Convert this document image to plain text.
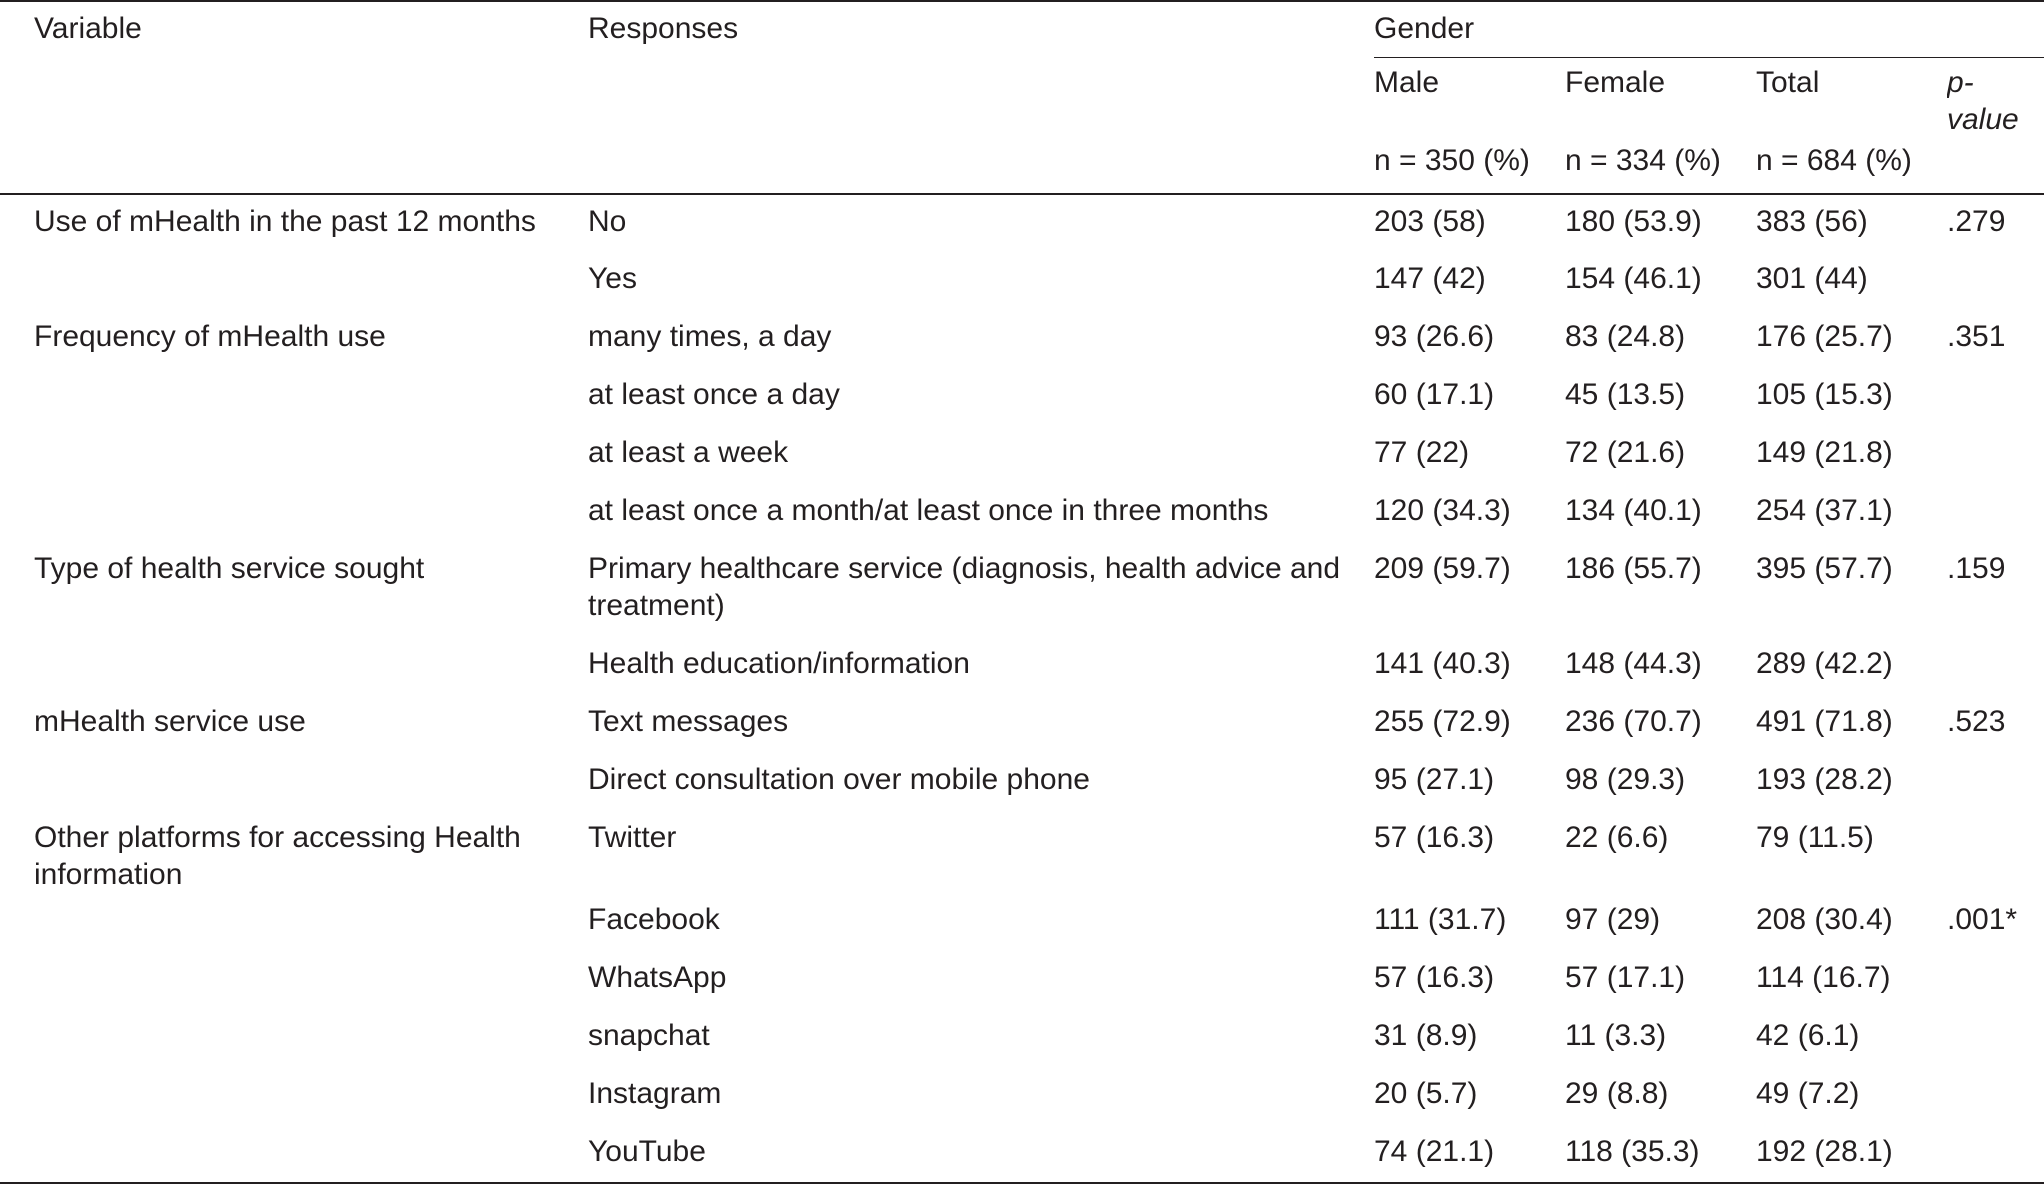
Variable	Responses	Gender			
		Male	Female	Total	p-value
		n = 350 (%)	n = 334 (%)	n = 684 (%)	
Use of mHealth in the past 12 months	No	203 (58)	180 (53.9)	383 (56)	.279
	Yes	147 (42)	154 (46.1)	301 (44)	
Frequency of mHealth use	many times, a day	93 (26.6)	83 (24.8)	176 (25.7)	.351
	at least once a day	60 (17.1)	45 (13.5)	105 (15.3)	
	at least a week	77 (22)	72 (21.6)	149 (21.8)	
	at least once a month/at least once in three months	120 (34.3)	134 (40.1)	254 (37.1)	
Type of health service sought	Primary healthcare service (diagnosis, health advice and treatment)	209 (59.7)	186 (55.7)	395 (57.7)	.159
	Health education/information	141 (40.3)	148 (44.3)	289 (42.2)	
mHealth service use	Text messages	255 (72.9)	236 (70.7)	491 (71.8)	.523
	Direct consultation over mobile phone	95 (27.1)	98 (29.3)	193 (28.2)	
Other platforms for accessing Health information	Twitter	57 (16.3)	22 (6.6)	79 (11.5)	
	Facebook	111 (31.7)	97 (29)	208 (30.4)	.001*
	WhatsApp	57 (16.3)	57 (17.1)	114 (16.7)	
	snapchat	31 (8.9)	11 (3.3)	42 (6.1)	
	Instagram	20 (5.7)	29 (8.8)	49 (7.2)	
	YouTube	74 (21.1)	118 (35.3)	192 (28.1)	
